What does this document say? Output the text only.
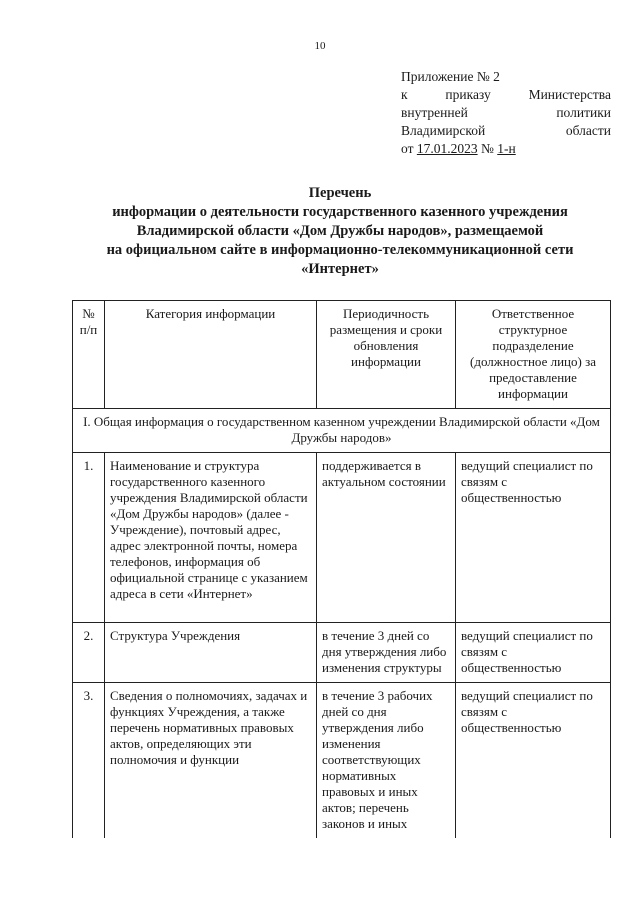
10
Приложение № 2
к	приказу	Министерства
внутренней	политики
Владимирской	области
от 17.01.2023 № 1-н
Перечень
информации о деятельности государственного казенного учреждения
Владимирской области «Дом Дружбы народов», размещаемой
на официальном сайте в информационно-телекоммуникационной сети
«Интернет»
№ п/п	Категория информации	Периодичность размещения и сроки обновления информации	Ответственное структурное подразделение (должностное лицо) за предоставление информации
I. Общая информация о государственном казенном учреждении Владимирской области «Дом Дружбы народов»			
1.	Наименование и структура государственного казенного учреждения Владимирской области «Дом Дружбы народов» (далее - Учреждение), почтовый адрес, адрес электронной почты, номера телефонов, информация об официальной странице с указанием адреса в сети «Интернет»	поддерживается в актуальном состоянии	ведущий специалист по связям с общественностью
2.	Структура Учреждения	в течение 3 дней со дня утверждения либо изменения структуры	ведущий специалист по связям с общественностью
3.	Сведения о полномочиях, задачах и функциях Учреждения, а также перечень нормативных правовых актов, определяющих эти полномочия и функции	в течение 3 рабочих дней со дня утверждения либо изменения соответствующих нормативных правовых и иных актов; перечень законов и иных	ведущий специалист по связям с общественностью
